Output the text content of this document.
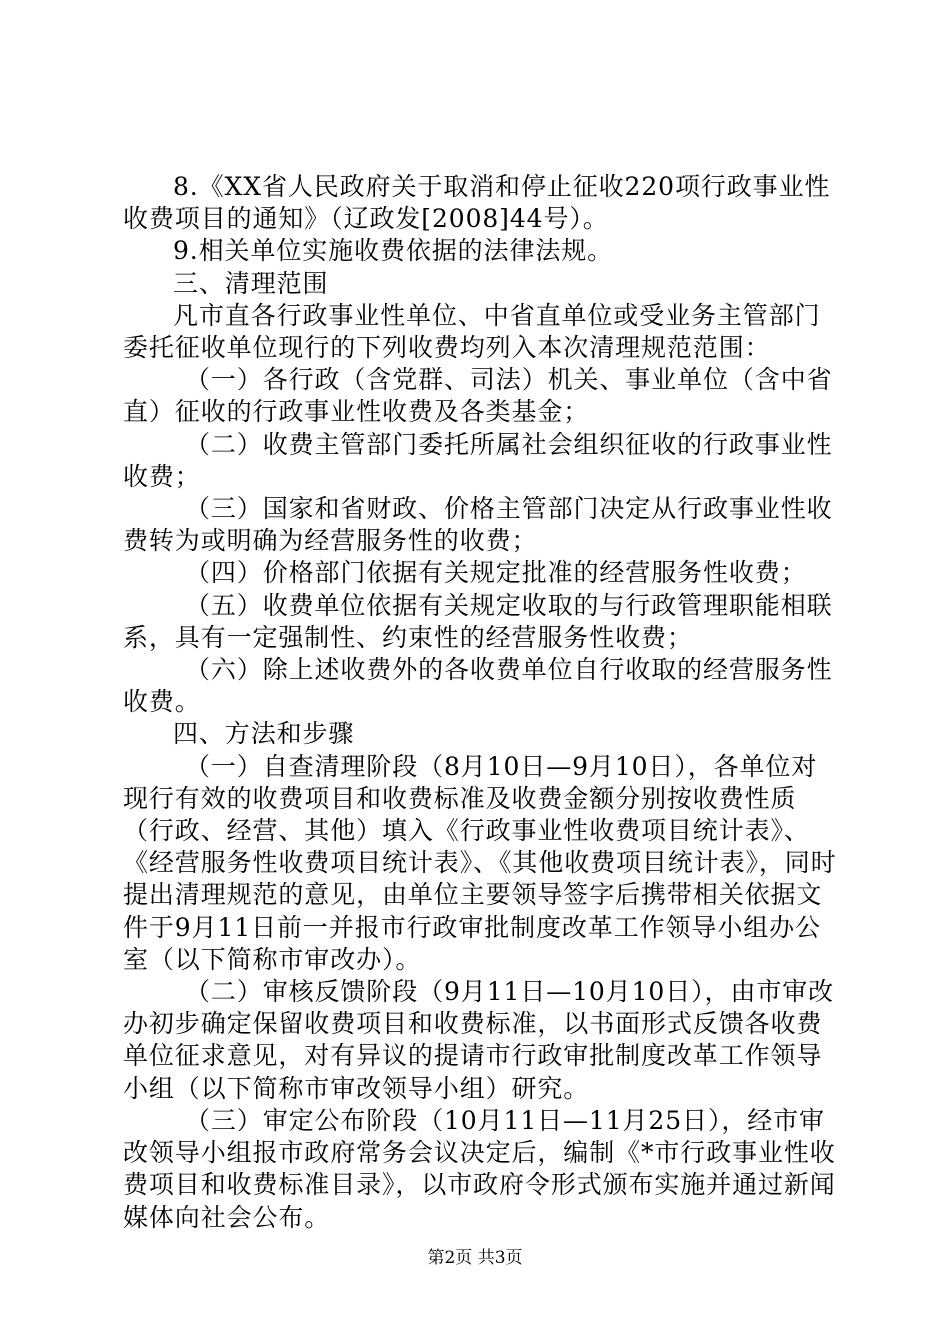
8.《XX省人民政府关于取消和停止征收220项行政事业性收费项目的通知》（辽政发[2008]44号）。

9.相关单位实施收费依据的法律法规。

三、清理范围

凡市直各行政事业性单位、中省直单位或受业务主管部门委托征收单位现行的下列收费均列入本次清理规范范围：

（一）各行政（含党群、司法）机关、事业单位（含中省直）征收的行政事业性收费及各类基金；

（二）收费主管部门委托所属社会组织征收的行政事业性收费；

（三）国家和省财政、价格主管部门决定从行政事业性收费转为或明确为经营服务性的收费；

（四）价格部门依据有关规定批准的经营服务性收费；

（五）收费单位依据有关规定收取的与行政管理职能相联系，具有一定强制性、约束性的经营服务性收费；

（六）除上述收费外的各收费单位自行收取的经营服务性收费。

四、方法和步骤

（一）自查清理阶段（8月10日—9月10日），各单位对现行有效的收费项目和收费标准及收费金额分别按收费性质（行政、经营、其他）填入《行政事业性收费项目统计表》、《经营服务性收费项目统计表》、《其他收费项目统计表》，同时提出清理规范的意见，由单位主要领导签字后携带相关依据文件于9月11日前一并报市行政审批制度改革工作领导小组办公室（以下简称市审改办）。

（二）审核反馈阶段（9月11日—10月10日），由市审改办初步确定保留收费项目和收费标准，以书面形式反馈各收费单位征求意见，对有异议的提请市行政审批制度改革工作领导小组（以下简称市审改领导小组）研究。

（三）审定公布阶段（10月11日—11月25日），经市审改领导小组报市政府常务会议决定后，编制《*市行政事业性收费项目和收费标准目录》，以市政府令形式颁布实施并通过新闻媒体向社会公布。

第2页 共3页
